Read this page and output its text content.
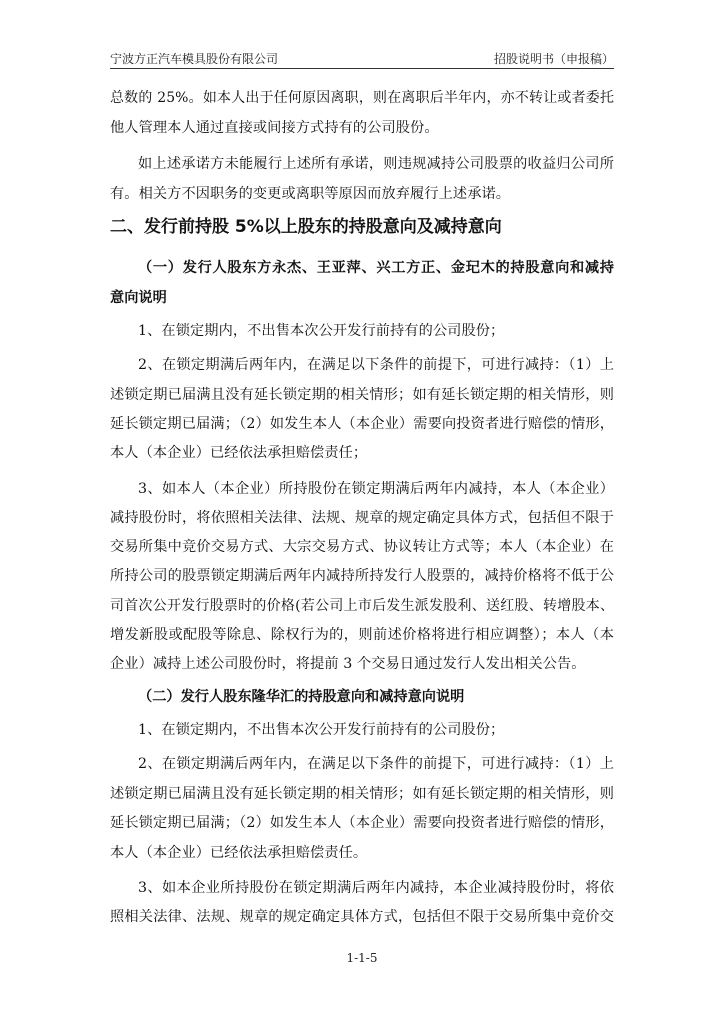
宁波方正汽车模具股份有限公司	招股说明书（申报稿）
总数的 25%。如本人出于任何原因离职，则在离职后半年内，亦不转让或者委托
他人管理本人通过直接或间接方式持有的公司股份。
如上述承诺方未能履行上述所有承诺，则违规减持公司股票的收益归公司所
有。相关方不因职务的变更或离职等原因而放弃履行上述承诺。
二、发行前持股 5%以上股东的持股意向及减持意向
（一）发行人股东方永杰、王亚萍、兴工方正、金玘木的持股意向和减持
意向说明
1、在锁定期内，不出售本次公开发行前持有的公司股份；
2、在锁定期满后两年内，在满足以下条件的前提下，可进行减持：（1）上
述锁定期已届满且没有延长锁定期的相关情形；如有延长锁定期的相关情形，则
延长锁定期已届满；（2）如发生本人（本企业）需要向投资者进行赔偿的情形，
本人（本企业）已经依法承担赔偿责任；
3、如本人（本企业）所持股份在锁定期满后两年内减持，本人（本企业）
减持股份时，将依照相关法律、法规、规章的规定确定具体方式，包括但不限于
交易所集中竞价交易方式、大宗交易方式、协议转让方式等；本人（本企业）在
所持公司的股票锁定期满后两年内减持所持发行人股票的，减持价格将不低于公
司首次公开发行股票时的价格(若公司上市后发生派发股利、送红股、转增股本、
增发新股或配股等除息、除权行为的，则前述价格将进行相应调整）；本人（本
企业）减持上述公司股份时，将提前 3 个交易日通过发行人发出相关公告。
（二）发行人股东隆华汇的持股意向和减持意向说明
1、在锁定期内，不出售本次公开发行前持有的公司股份；
2、在锁定期满后两年内，在满足以下条件的前提下，可进行减持：（1）上
述锁定期已届满且没有延长锁定期的相关情形；如有延长锁定期的相关情形，则
延长锁定期已届满；（2）如发生本人（本企业）需要向投资者进行赔偿的情形，
本人（本企业）已经依法承担赔偿责任。
3、如本企业所持股份在锁定期满后两年内减持，本企业减持股份时，将依
照相关法律、法规、规章的规定确定具体方式，包括但不限于交易所集中竞价交
1-1-5
